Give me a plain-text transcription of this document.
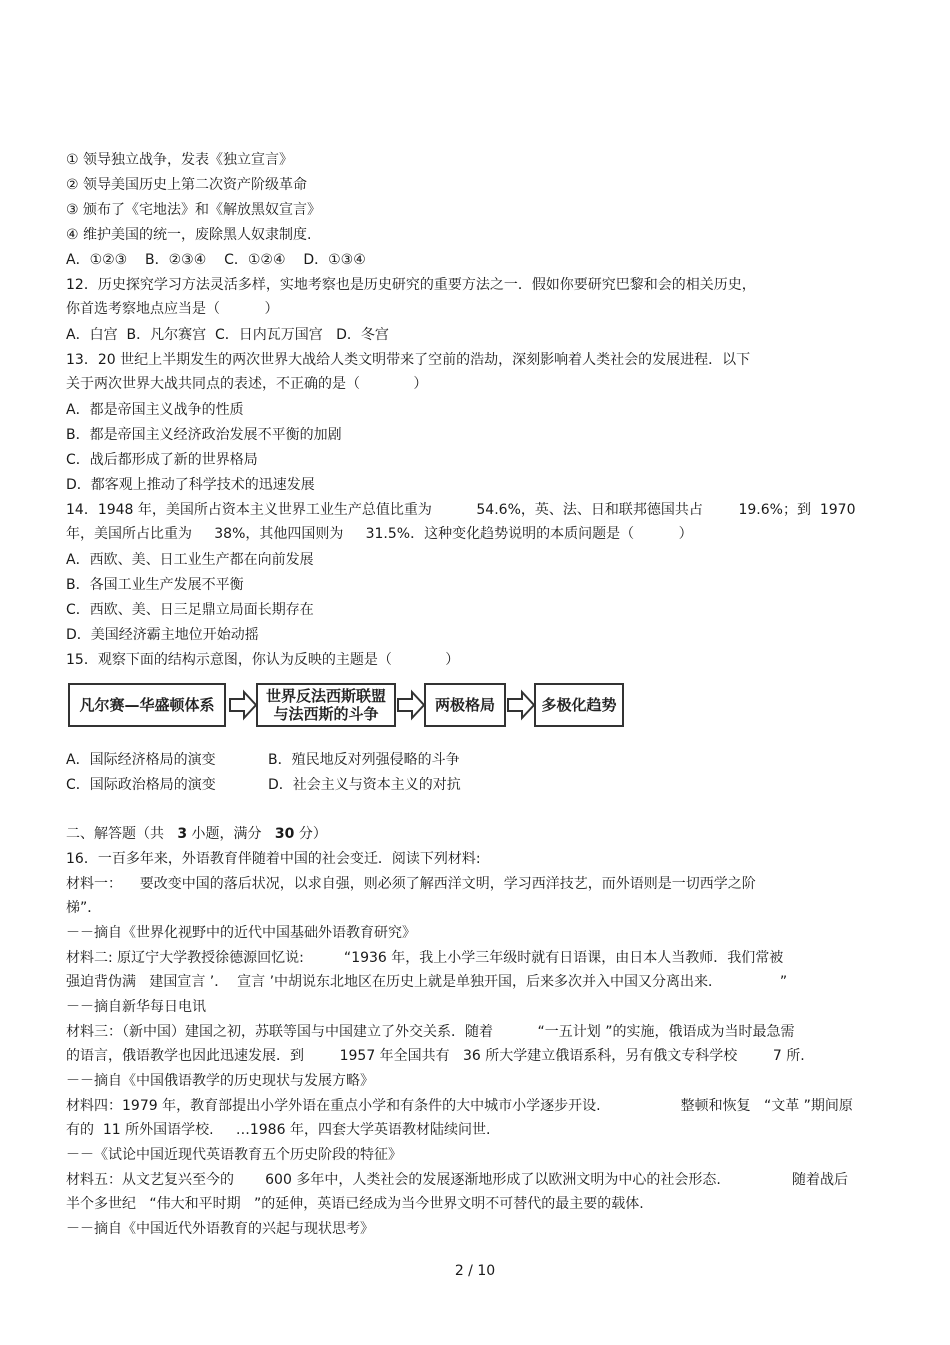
① 领导独立战争，发表《独立宣言》
② 领导美国历史上第二次资产阶级革命
③ 颁布了《宅地法》和《解放黑奴宣言》
④ 维护美国的统一，废除黑人奴隶制度.
A．①②③    B．②③④    C．①②④    D．①③④
12．历史探究学习方法灵活多样，实地考察也是历史研究的重要方法之一．假如你要研究巴黎和会的相关历史，
你首选考察地点应当是（          ）
A．白宫  B．凡尔赛宫  C．日内瓦万国宫   D．冬宫
13．20 世纪上半期发生的两次世界大战给人类文明带来了空前的浩劫，深刻影响着人类社会的发展进程．以下
关于两次世界大战共同点的表述，不正确的是（            ）
A．都是帝国主义战争的性质
B．都是帝国主义经济政治发展不平衡的加剧
C．战后都形成了新的世界格局
D．都客观上推动了科学技术的迅速发展
14．1948 年，美国所占资本主义世界工业生产总值比重为          54.6%，英、法、日和联邦德国共占        19.6%；到  1970
年，美国所占比重为     38%，其他四国则为     31.5%．这种变化趋势说明的本质问题是（          ）
A．西欧、美、日工业生产都在向前发展
B．各国工业生产发展不平衡
C．西欧、美、日三足鼎立局面长期存在
D．美国经济霸主地位开始动摇
15．观察下面的结构示意图，你认为反映的主题是（            ）
凡尔赛—华盛顿体系	世界反法西斯联盟
与法西斯的斗争	两极格局	多极化趋势
A．国际经济格局的演变	B．殖民地反对列强侵略的斗争
C．国际政治格局的演变	D．社会主义与资本主义的对抗
二、解答题（共   3 小题，满分   30 分）
16．一百多年来，外语教育伴随着中国的社会变迁．阅读下列材料:
材料一：    要改变中国的落后状况，以求自强，则必须了解西洋文明，学习西洋技艺，而外语则是一切西学之阶
梯”．
－－摘自《世界化视野中的近代中国基础外语教育研究》
材料二: 原辽宁大学教授徐德源回忆说:         “1936 年，我上小学三年级时就有日语课，由日本人当教师．我们常被
强迫背伪满   建国宣言 ’．  宣言 ’中胡说东北地区在历史上就是单独开国，后来多次并入中国又分离出来．             ”
－－摘自新华每日电讯
材料三：（新中国）建国之初，苏联等国与中国建立了外交关系．随着          “一五计划 ”的实施，俄语成为当时最急需
的语言，俄语教学也因此迅速发展．到        1957 年全国共有   36 所大学建立俄语系科，另有俄文专科学校        7 所.
－－摘自《中国俄语教学的历史现状与发展方略》
材料四：1979 年，教育部提出小学外语在重点小学和有条件的大中城市小学逐步开设.                  整顿和恢复   “文革 ”期间原
有的  11 所外国语学校.     …1986 年，四套大学英语教材陆续问世.
－－《试论中国近现代英语教育五个历史阶段的特征》
材料五：从文艺复兴至今的       600 多年中，人类社会的发展逐渐地形成了以欧洲文明为中心的社会形态.                随着战后
半个多世纪   “伟大和平时期   ”的延伸，英语已经成为当今世界文明不可替代的最主要的载体.
－－摘自《中国近代外语教育的兴起与现状思考》
2 / 10
